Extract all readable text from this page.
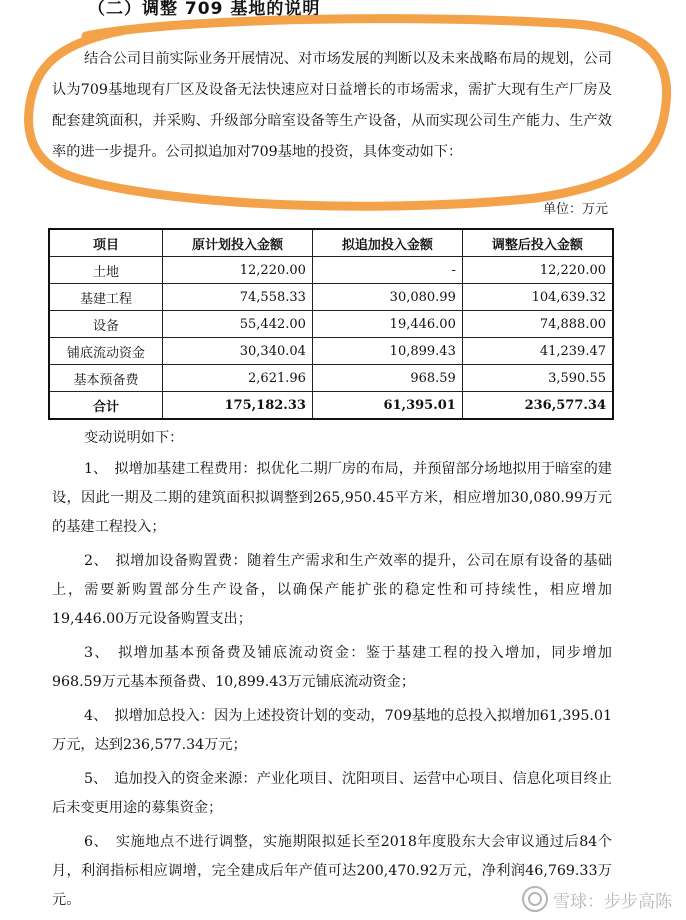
（二）调整 709 基地的说明

结合公司目前实际业务开展情况、对市场发展的判断以及未来战略布局的规划，公司认为709基地现有厂区及设备无法快速应对日益增长的市场需求，需扩大现有生产厂房及配套建筑面积，并采购、升级部分暗室设备等生产设备，从而实现公司生产能力、生产效率的进一步提升。公司拟追加对709基地的投资，具体变动如下：

单位：万元
项目	原计划投入金额	拟追加投入金额	调整后投入金额
土地	12,220.00	-	12,220.00
基建工程	74,558.33	30,080.99	104,639.32
设备	55,442.00	19,446.00	74,888.00
铺底流动资金	30,340.04	10,899.43	41,239.47
基本预备费	2,621.96	968.59	3,590.55
合计	175,182.33	61,395.01	236,577.34

变动说明如下：

1、　拟增加基建工程费用：拟优化二期厂房的布局，并预留部分场地拟用于暗室的建设，因此一期及二期的建筑面积拟调整到265,950.45平方米，相应增加30,080.99万元的基建工程投入；

2、　拟增加设备购置费：随着生产需求和生产效率的提升，公司在原有设备的基础上，需要新购置部分生产设备，以确保产能扩张的稳定性和可持续性，相应增加19,446.00万元设备购置支出；

3、　拟增加基本预备费及铺底流动资金：鉴于基建工程的投入增加，同步增加968.59万元基本预备费、10,899.43万元铺底流动资金；

4、　拟增加总投入：因为上述投资计划的变动，709基地的总投入拟增加61,395.01万元，达到236,577.34万元；

5、　追加投入的资金来源：产业化项目、沈阳项目、运营中心项目、信息化项目终止后未变更用途的募集资金；

6、　实施地点不进行调整，实施期限拟延长至2018年度股东大会审议通过后84个月，利润指标相应调增，完全建成后年产值可达200,470.92万元，净利润46,769.33万元。	雪球：步步高陈
